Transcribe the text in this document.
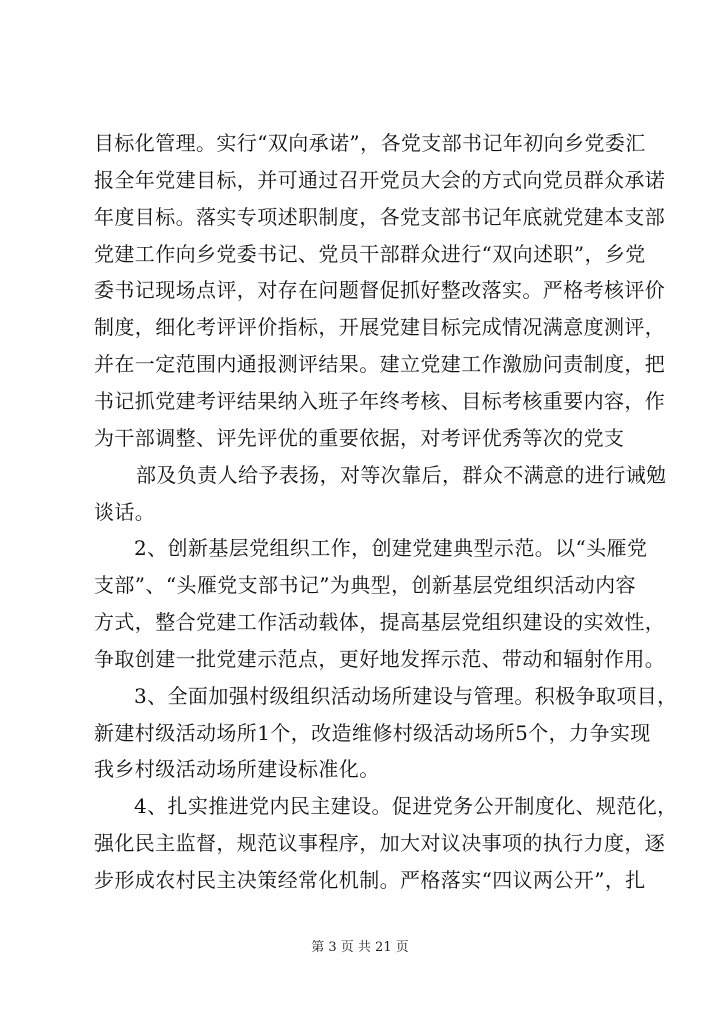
目标化管理。实行“双向承诺”，各党支部书记年初向乡党委汇
报全年党建目标，并可通过召开党员大会的方式向党员群众承诺
年度目标。落实专项述职制度，各党支部书记年底就党建本支部
党建工作向乡党委书记、党员干部群众进行“双向述职”，乡党
委书记现场点评，对存在问题督促抓好整改落实。严格考核评价
制度，细化考评评价指标，开展党建目标完成情况满意度测评，
并在一定范围内通报测评结果。建立党建工作激励问责制度，把
书记抓党建考评结果纳入班子年终考核、目标考核重要内容，作
为干部调整、评先评优的重要依据，对考评优秀等次的党支
部及负责人给予表扬，对等次靠后，群众不满意的进行诫勉
谈话。
2、创新基层党组织工作，创建党建典型示范。以“头雁党
支部”、“头雁党支部书记”为典型，创新基层党组织活动内容
方式，整合党建工作活动载体，提高基层党组织建设的实效性，
争取创建一批党建示范点，更好地发挥示范、带动和辐射作用。
3、全面加强村级组织活动场所建设与管理。积极争取项目，
新建村级活动场所1个，改造维修村级活动场所5个，力争实现
我乡村级活动场所建设标准化。
4、扎实推进党内民主建设。促进党务公开制度化、规范化，
强化民主监督，规范议事程序，加大对议决事项的执行力度，逐
步形成农村民主决策经常化机制。严格落实“四议两公开”，扎
第 3 页 共 21 页
